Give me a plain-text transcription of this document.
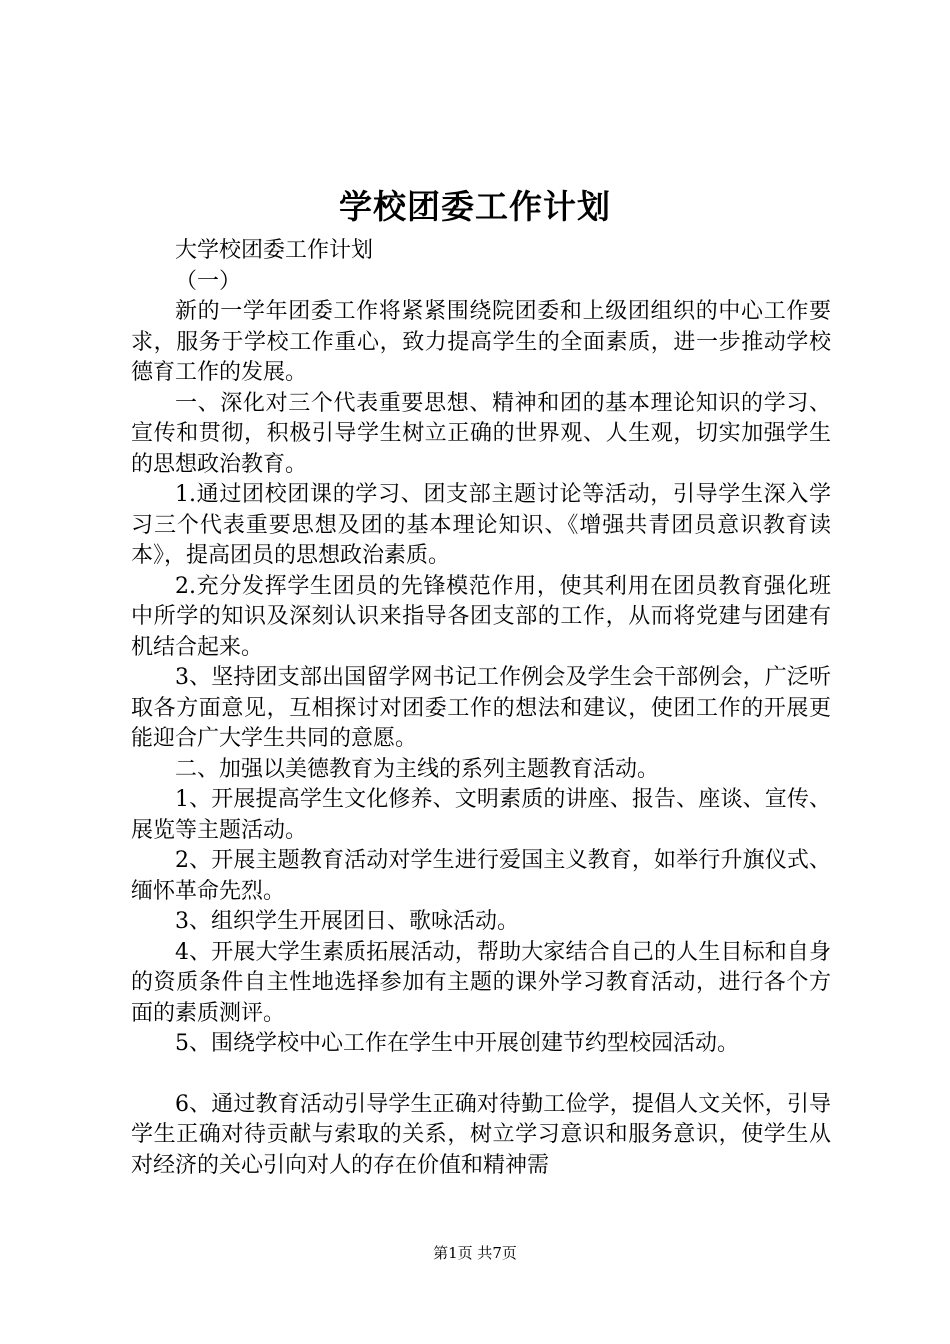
学校团委工作计划

大学校团委工作计划

（一）

新的一学年团委工作将紧紧围绕院团委和上级团组织的中心工作要求，服务于学校工作重心，致力提高学生的全面素质，进一步推动学校德育工作的发展。

一、深化对三个代表重要思想、精神和团的基本理论知识的学习、宣传和贯彻，积极引导学生树立正确的世界观、人生观，切实加强学生的思想政治教育。

1.通过团校团课的学习、团支部主题讨论等活动，引导学生深入学习三个代表重要思想及团的基本理论知识、《增强共青团员意识教育读本》，提高团员的思想政治素质。

2.充分发挥学生团员的先锋模范作用，使其利用在团员教育强化班中所学的知识及深刻认识来指导各团支部的工作，从而将党建与团建有机结合起来。

3、坚持团支部出国留学网书记工作例会及学生会干部例会，广泛听取各方面意见，互相探讨对团委工作的想法和建议，使团工作的开展更能迎合广大学生共同的意愿。

二、加强以美德教育为主线的系列主题教育活动。

1、开展提高学生文化修养、文明素质的讲座、报告、座谈、宣传、展览等主题活动。

2、开展主题教育活动对学生进行爱国主义教育，如举行升旗仪式、缅怀革命先烈。

3、组织学生开展团日、歌咏活动。

4、开展大学生素质拓展活动，帮助大家结合自己的人生目标和自身的资质条件自主性地选择参加有主题的课外学习教育活动，进行各个方面的素质测评。

5、围绕学校中心工作在学生中开展创建节约型校园活动。

6、通过教育活动引导学生正确对待勤工俭学，提倡人文关怀，引导学生正确对待贡献与索取的关系，树立学习意识和服务意识，使学生从对经济的关心引向对人的存在价值和精神需

第1页 共7页
